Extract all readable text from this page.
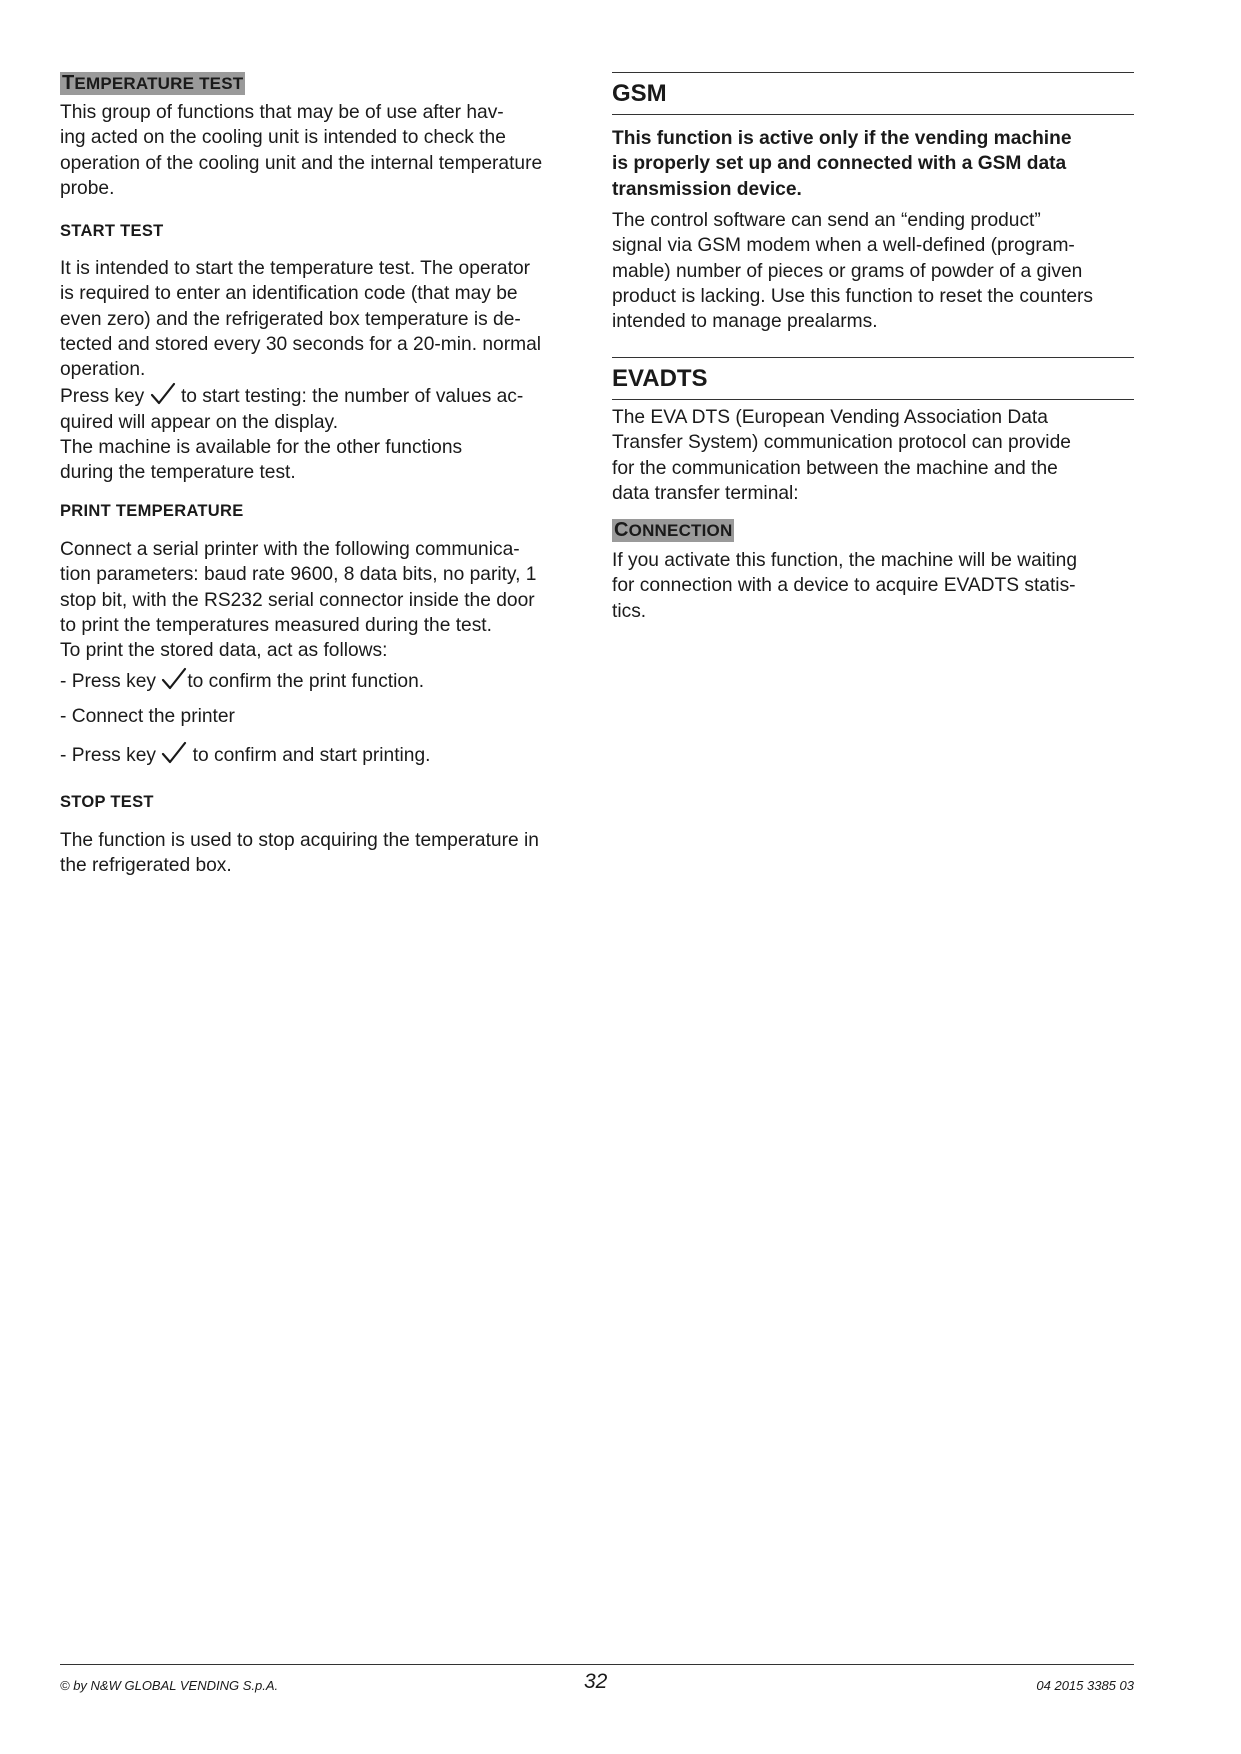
TEMPERATURE TEST
This group of functions that may be of use after hav-
ing acted on the cooling unit is intended to check the
operation of the cooling unit and the internal temperature
probe.
START TEST
It is intended to start the temperature test. The operator
is required to enter an identification code (that may be
even zero) and the refrigerated box temperature is de-
tected and stored every 30 seconds for a 20-min. normal
operation.
Press key to start testing: the number of values ac-
quired will appear on the display.
The machine is available for the other functions
during the temperature test.
PRINT TEMPERATURE
Connect a serial printer with the following communica-
tion parameters: baud rate 9600, 8 data bits, no parity, 1
stop bit, with the RS232 serial connector inside the door
to print the temperatures measured during the test.
To print the stored data, act as follows:
- Press key to confirm the print function.
- Connect the printer
- Press key to confirm and start printing.
STOP TEST
The function is used to stop acquiring the temperature in
the refrigerated box.
GSM
This function is active only if the vending machine
is properly set up and connected with a GSM data
transmission device.
The control software can send an “ending product”
signal via GSM modem when a well-defined (program-
mable) number of pieces or grams of powder of a given
product is lacking. Use this function to reset the counters
intended to manage prealarms.
EVADTS
The EVA DTS (European Vending Association Data
Transfer System) communication protocol can provide
for the communication between the machine and the
data transfer terminal:
CONNECTION
If you activate this function, the machine will be waiting
for connection with a device to acquire EVADTS statis-
tics.
© by N&W GLOBAL VENDING S.p.A.	32	04 2015 3385 03
